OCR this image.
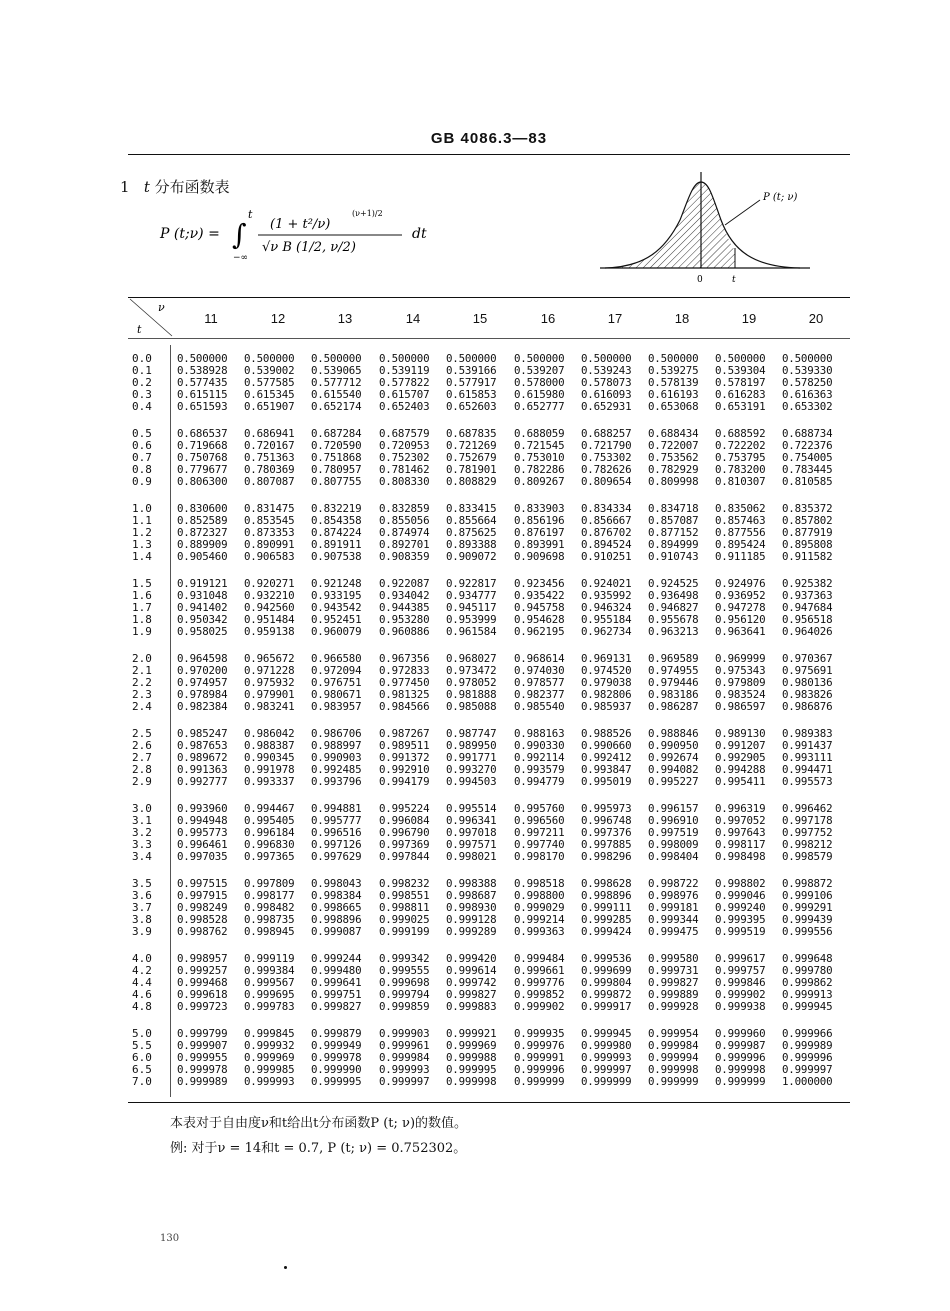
GB 4086.3—83
1 t 分布函数表
P (t;ν) = ∫
t
−∞
(1 + t²/ν)
(ν+1)/2
√ν B (1/2, ν/2)
dt
P (t; ν)
0	t
ν
t
11	12	13	14	15	16	17	18	19	20
0.0	0.500000	0.500000	0.500000	0.500000	0.500000	0.500000	0.500000	0.500000	0.500000	0.500000
0.1	0.538928	0.539002	0.539065	0.539119	0.539166	0.539207	0.539243	0.539275	0.539304	0.539330
0.2	0.577435	0.577585	0.577712	0.577822	0.577917	0.578000	0.578073	0.578139	0.578197	0.578250
0.3	0.615115	0.615345	0.615540	0.615707	0.615853	0.615980	0.616093	0.616193	0.616283	0.616363
0.4	0.651593	0.651907	0.652174	0.652403	0.652603	0.652777	0.652931	0.653068	0.653191	0.653302
0.5	0.686537	0.686941	0.687284	0.687579	0.687835	0.688059	0.688257	0.688434	0.688592	0.688734
0.6	0.719668	0.720167	0.720590	0.720953	0.721269	0.721545	0.721790	0.722007	0.722202	0.722376
0.7	0.750768	0.751363	0.751868	0.752302	0.752679	0.753010	0.753302	0.753562	0.753795	0.754005
0.8	0.779677	0.780369	0.780957	0.781462	0.781901	0.782286	0.782626	0.782929	0.783200	0.783445
0.9	0.806300	0.807087	0.807755	0.808330	0.808829	0.809267	0.809654	0.809998	0.810307	0.810585
1.0	0.830600	0.831475	0.832219	0.832859	0.833415	0.833903	0.834334	0.834718	0.835062	0.835372
1.1	0.852589	0.853545	0.854358	0.855056	0.855664	0.856196	0.856667	0.857087	0.857463	0.857802
1.2	0.872327	0.873353	0.874224	0.874974	0.875625	0.876197	0.876702	0.877152	0.877556	0.877919
1.3	0.889909	0.890991	0.891911	0.892701	0.893388	0.893991	0.894524	0.894999	0.895424	0.895808
1.4	0.905460	0.906583	0.907538	0.908359	0.909072	0.909698	0.910251	0.910743	0.911185	0.911582
1.5	0.919121	0.920271	0.921248	0.922087	0.922817	0.923456	0.924021	0.924525	0.924976	0.925382
1.6	0.931048	0.932210	0.933195	0.934042	0.934777	0.935422	0.935992	0.936498	0.936952	0.937363
1.7	0.941402	0.942560	0.943542	0.944385	0.945117	0.945758	0.946324	0.946827	0.947278	0.947684
1.8	0.950342	0.951484	0.952451	0.953280	0.953999	0.954628	0.955184	0.955678	0.956120	0.956518
1.9	0.958025	0.959138	0.960079	0.960886	0.961584	0.962195	0.962734	0.963213	0.963641	0.964026
2.0	0.964598	0.965672	0.966580	0.967356	0.968027	0.968614	0.969131	0.969589	0.969999	0.970367
2.1	0.970200	0.971228	0.972094	0.972833	0.973472	0.974030	0.974520	0.974955	0.975343	0.975691
2.2	0.974957	0.975932	0.976751	0.977450	0.978052	0.978577	0.979038	0.979446	0.979809	0.980136
2.3	0.978984	0.979901	0.980671	0.981325	0.981888	0.982377	0.982806	0.983186	0.983524	0.983826
2.4	0.982384	0.983241	0.983957	0.984566	0.985088	0.985540	0.985937	0.986287	0.986597	0.986876
2.5	0.985247	0.986042	0.986706	0.987267	0.987747	0.988163	0.988526	0.988846	0.989130	0.989383
2.6	0.987653	0.988387	0.988997	0.989511	0.989950	0.990330	0.990660	0.990950	0.991207	0.991437
2.7	0.989672	0.990345	0.990903	0.991372	0.991771	0.992114	0.992412	0.992674	0.992905	0.993111
2.8	0.991363	0.991978	0.992485	0.992910	0.993270	0.993579	0.993847	0.994082	0.994288	0.994471
2.9	0.992777	0.993337	0.993796	0.994179	0.994503	0.994779	0.995019	0.995227	0.995411	0.995573
3.0	0.993960	0.994467	0.994881	0.995224	0.995514	0.995760	0.995973	0.996157	0.996319	0.996462
3.1	0.994948	0.995405	0.995777	0.996084	0.996341	0.996560	0.996748	0.996910	0.997052	0.997178
3.2	0.995773	0.996184	0.996516	0.996790	0.997018	0.997211	0.997376	0.997519	0.997643	0.997752
3.3	0.996461	0.996830	0.997126	0.997369	0.997571	0.997740	0.997885	0.998009	0.998117	0.998212
3.4	0.997035	0.997365	0.997629	0.997844	0.998021	0.998170	0.998296	0.998404	0.998498	0.998579
3.5	0.997515	0.997809	0.998043	0.998232	0.998388	0.998518	0.998628	0.998722	0.998802	0.998872
3.6	0.997915	0.998177	0.998384	0.998551	0.998687	0.998800	0.998896	0.998976	0.999046	0.999106
3.7	0.998249	0.998482	0.998665	0.998811	0.998930	0.999029	0.999111	0.999181	0.999240	0.999291
3.8	0.998528	0.998735	0.998896	0.999025	0.999128	0.999214	0.999285	0.999344	0.999395	0.999439
3.9	0.998762	0.998945	0.999087	0.999199	0.999289	0.999363	0.999424	0.999475	0.999519	0.999556
4.0	0.998957	0.999119	0.999244	0.999342	0.999420	0.999484	0.999536	0.999580	0.999617	0.999648
4.2	0.999257	0.999384	0.999480	0.999555	0.999614	0.999661	0.999699	0.999731	0.999757	0.999780
4.4	0.999468	0.999567	0.999641	0.999698	0.999742	0.999776	0.999804	0.999827	0.999846	0.999862
4.6	0.999618	0.999695	0.999751	0.999794	0.999827	0.999852	0.999872	0.999889	0.999902	0.999913
4.8	0.999723	0.999783	0.999827	0.999859	0.999883	0.999902	0.999917	0.999928	0.999938	0.999945
5.0	0.999799	0.999845	0.999879	0.999903	0.999921	0.999935	0.999945	0.999954	0.999960	0.999966
5.5	0.999907	0.999932	0.999949	0.999961	0.999969	0.999976	0.999980	0.999984	0.999987	0.999989
6.0	0.999955	0.999969	0.999978	0.999984	0.999988	0.999991	0.999993	0.999994	0.999996	0.999996
6.5	0.999978	0.999985	0.999990	0.999993	0.999995	0.999996	0.999997	0.999998	0.999998	0.999997
7.0	0.999989	0.999993	0.999995	0.999997	0.999998	0.999999	0.999999	0.999999	0.999999	1.000000
本表对于自由度ν和t给出t分布函数P (t; ν)的数值。
例: 对于ν = 14和t = 0.7, P (t; ν) = 0.752302。
130
